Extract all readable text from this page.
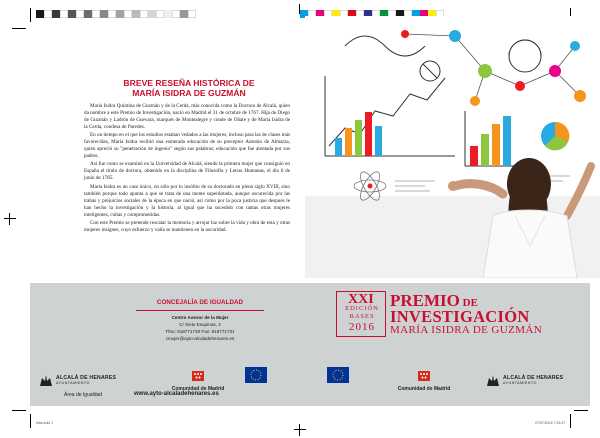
BREVE RESEÑA HISTÓRICA DE
MARÍA ISIDRA DE GUZMÁN

María Isidra Quintina de Guzmán y de la Cerda, más conocida como la Doctora de Alcalá, quien da nombre a este Premio de Investigación, nació en Madrid el 31 de octubre de 1767. Hija de Diego de Guzmán y Ladrón de Guevara, marqués de Montealegre y conde de Oñate y de María Isidra de la Cerda, condesa de Paredes.

En un tiempo en el que los estudios estaban vedados a las mujeres, incluso para las de clases más favorecidas, María Isidra recibió una esmerada educación de su preceptor Antonio de Almarza, quien apreció su "penetración de ingenio" según sus palabras; educación que fue alentada por sus padres.

Así fue como se examinó en la Universidad de Alcalá, siendo la primera mujer que consiguió en España el título de doctora, obtenido en la disciplina de Filosofía y Letras Humanas, el día 6 de junio de 1785.

María Isidra es un caso único, no sólo por lo insólito de su doctorado en pleno siglo XVIII, sino también porque todo apunta a que se trata de una mente superdotada, aunque oscurecida por las trabas y prejuicios sociales de la época en que nació, así como por la poca justicia que después le han hecho la investigación y la historia, al igual que ha sucedido con tantas otras mujeres inteligentes, cultas y comprometidas.

Con este Premio se pretende rescatar la memoria y arrojar luz sobre la vida y obra de esta y otras mujeres insignes, cuyo esfuerzo y valía se mantienen en la oscuridad.

CONCEJALÍA DE IGUALDAD
Centro Asesor de la Mujer
C/ Siete Esquinas, 2
Tfno: 918771730 Fax: 918771731
cmujer@ayto-alcaladehenares.es
XXI
EDICIÓN
BASES
2016
PREMIO DE
INVESTIGACIÓN
MARÍA ISIDRA DE GUZMÁN
ALCALÁ DE HENARES
AYUNTAMIENTO
Comunidad de Madrid	Comunidad de Madrid
ALCALÁ DE HENARES
AYUNTAMIENTO
Área de Igualdad	www.ayto-alcaladehenares.es
tiras.indd 1	27/07/2016 7:39:47
